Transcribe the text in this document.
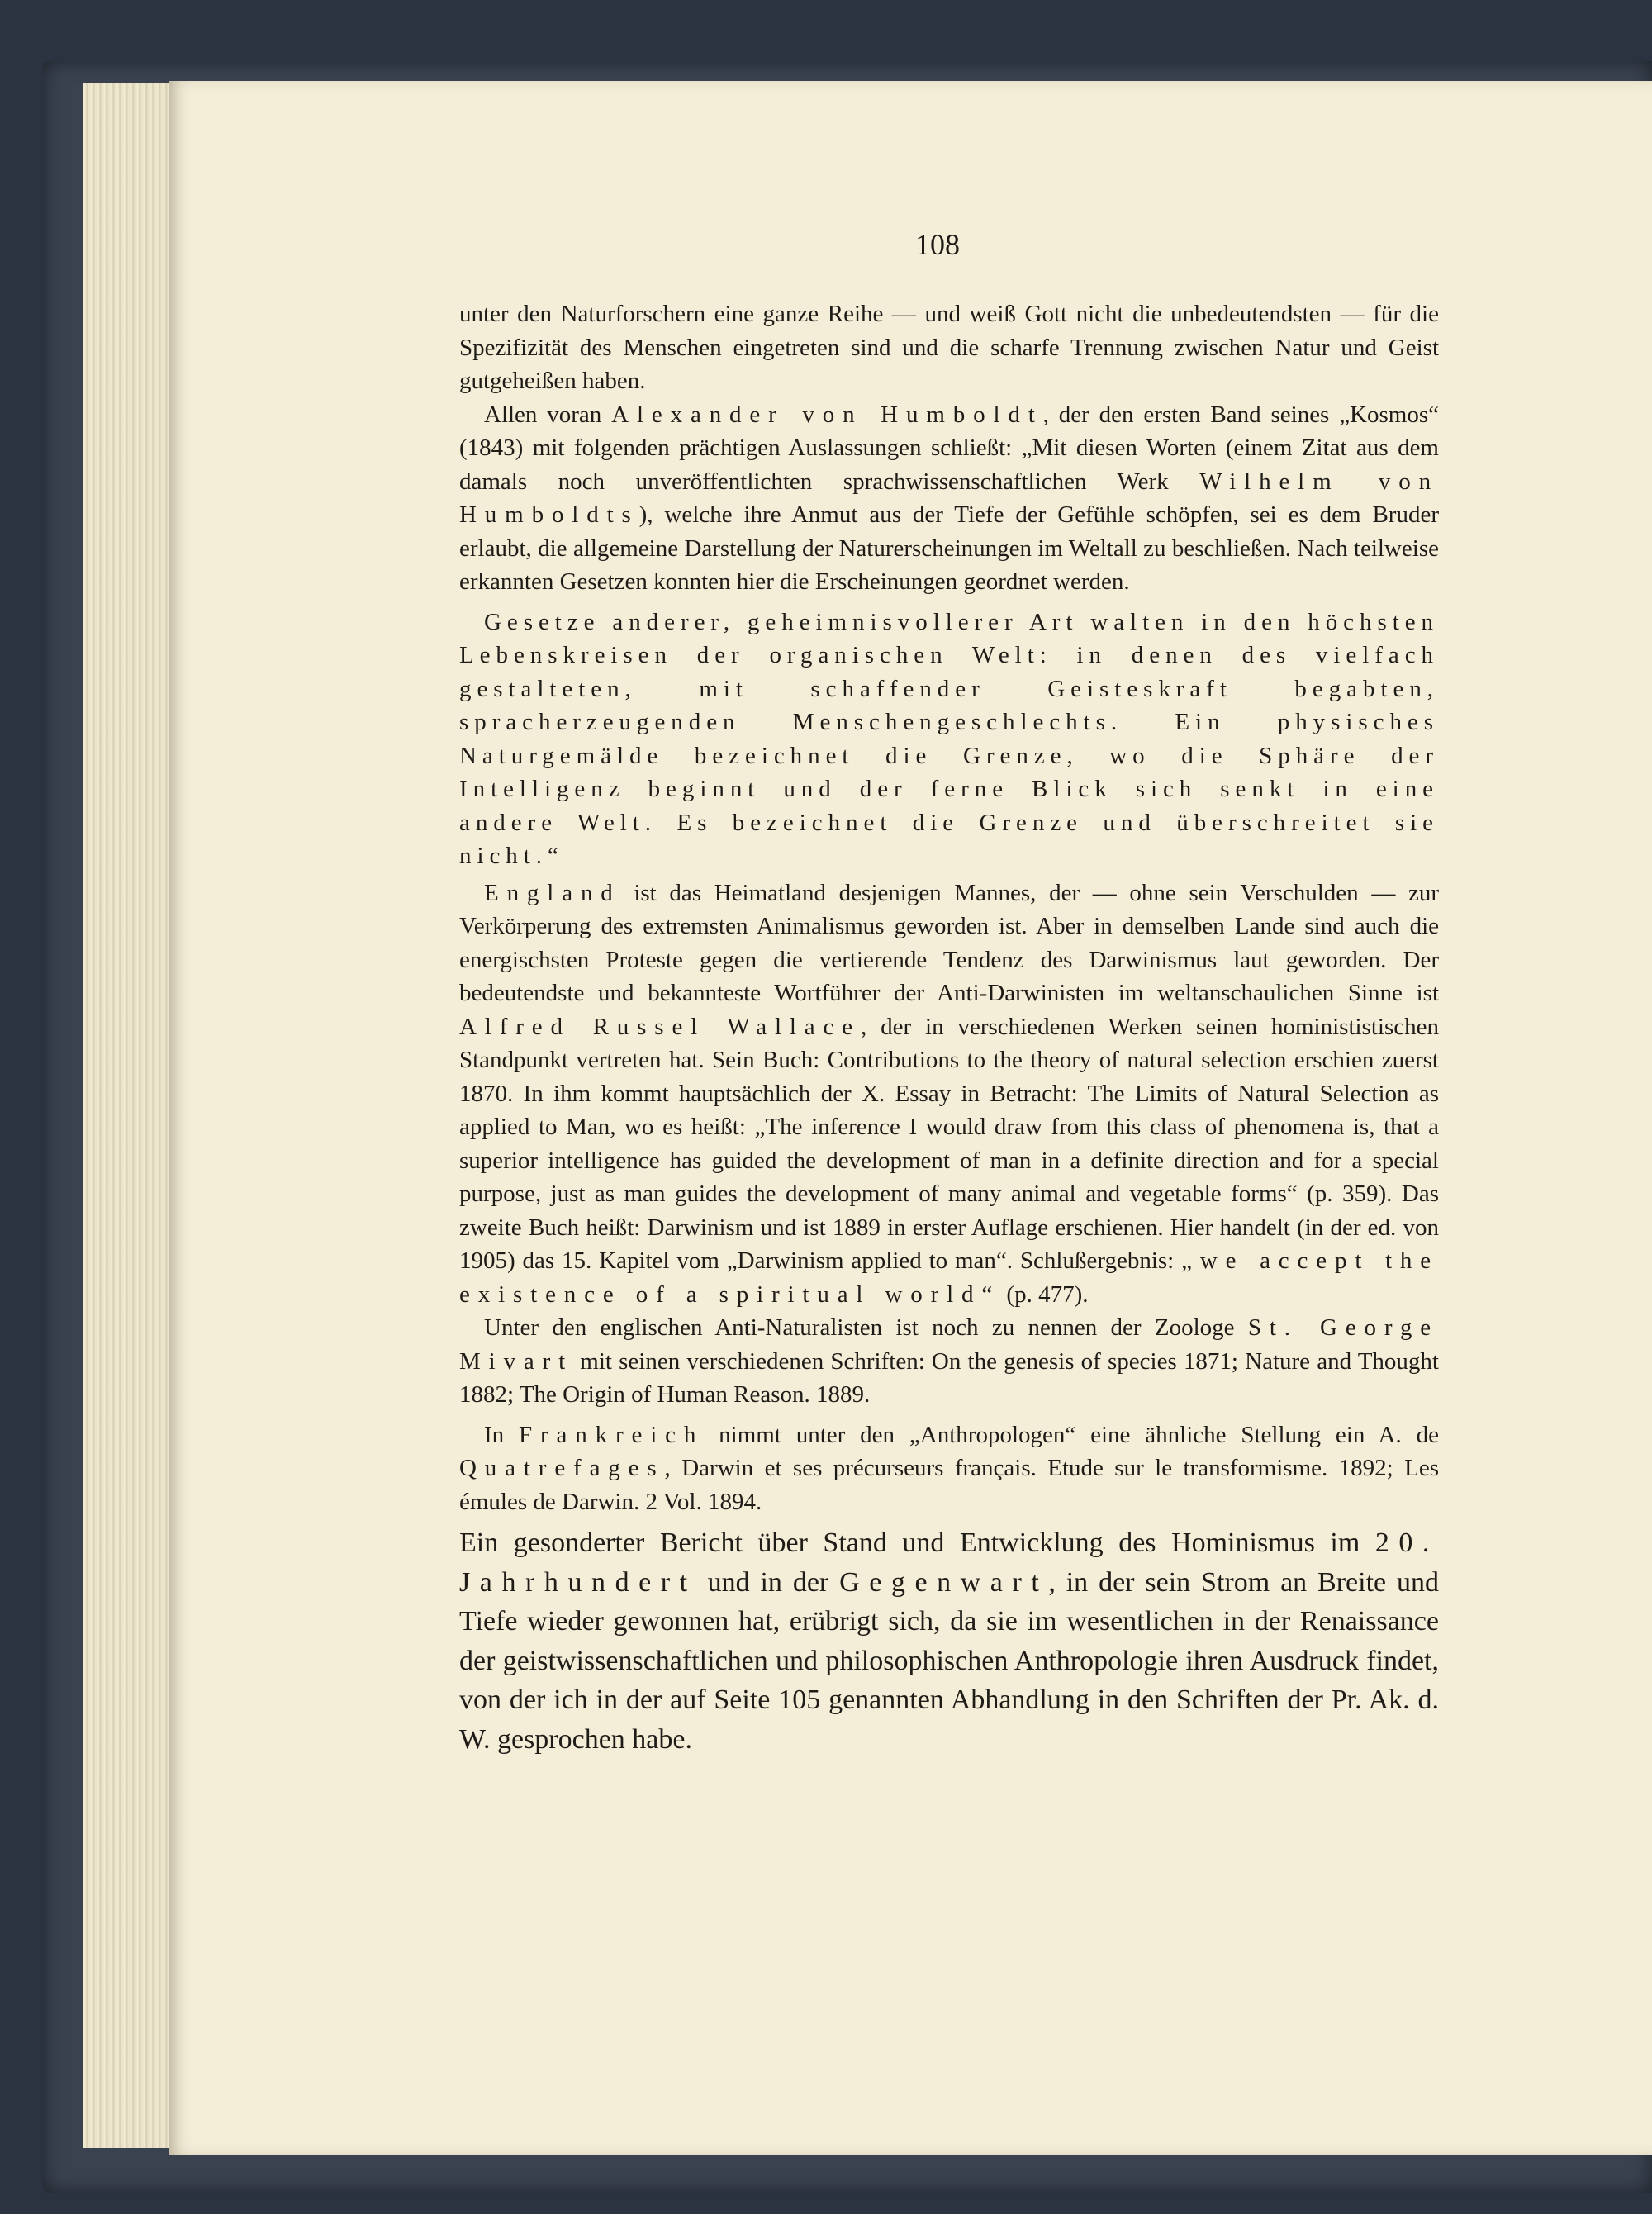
108

unter den Naturforschern eine ganze Reihe — und weiß Gott nicht die unbedeutendsten — für die Spezifizität des Menschen eingetreten sind und die scharfe Trennung zwischen Natur und Geist gutgeheißen haben.

Allen voran Alexander von Humboldt, der den ersten Band seines „Kosmos“ (1843) mit folgenden prächtigen Auslassungen schließt: „Mit diesen Worten (einem Zitat aus dem damals noch unveröffentlichten sprachwissenschaftlichen Werk Wilhelm von Humboldts), welche ihre Anmut aus der Tiefe der Gefühle schöpfen, sei es dem Bruder erlaubt, die allgemeine Darstellung der Naturerscheinungen im Weltall zu beschließen. Nach teilweise erkannten Gesetzen konnten hier die Erscheinungen geordnet werden.

Gesetze anderer, geheimnisvollerer Art walten in den höchsten Lebenskreisen der organischen Welt: in denen des vielfach gestalteten, mit schaffender Geisteskraft begabten, spracherzeugenden Menschengeschlechts. Ein physisches Naturgemälde bezeichnet die Grenze, wo die Sphäre der Intelligenz beginnt und der ferne Blick sich senkt in eine andere Welt. Es bezeichnet die Grenze und überschreitet sie nicht.“

England ist das Heimatland desjenigen Mannes, der — ohne sein Verschulden — zur Verkörperung des extremsten Animalismus geworden ist. Aber in demselben Lande sind auch die energischsten Proteste gegen die vertierende Tendenz des Darwinismus laut geworden. Der bedeutendste und bekannteste Wortführer der Anti-Darwinisten im weltanschaulichen Sinne ist Alfred Russel Wallace, der in verschiedenen Werken seinen hominististischen Standpunkt vertreten hat. Sein Buch: Contributions to the theory of natural selection erschien zuerst 1870. In ihm kommt hauptsächlich der X. Essay in Betracht: The Limits of Natural Selection as applied to Man, wo es heißt: „The inference I would draw from this class of phenomena is, that a superior intelligence has guided the development of man in a definite direction and for a special purpose, just as man guides the development of many animal and vegetable forms“ (p. 359). Das zweite Buch heißt: Darwinism und ist 1889 in erster Auflage erschienen. Hier handelt (in der ed. von 1905) das 15. Kapitel vom „Darwinism applied to man“. Schlußergebnis: „we accept the existence of a spiritual world“ (p. 477).

Unter den englischen Anti-Naturalisten ist noch zu nennen der Zoologe St. George Mivart mit seinen verschiedenen Schriften: On the genesis of species 1871; Nature and Thought 1882; The Origin of Human Reason. 1889.

In Frankreich nimmt unter den „Anthropologen“ eine ähnliche Stellung ein A. de Quatrefages, Darwin et ses précurseurs français. Etude sur le transformisme. 1892; Les émules de Darwin. 2 Vol. 1894.

Ein gesonderter Bericht über Stand und Entwicklung des Hominismus im 20. Jahrhundert und in der Gegenwart, in der sein Strom an Breite und Tiefe wieder gewonnen hat, erübrigt sich, da sie im wesentlichen in der Renaissance der geistwissenschaftlichen und philosophischen Anthropologie ihren Ausdruck findet, von der ich in der auf Seite 105 genannten Abhandlung in den Schriften der Pr. Ak. d. W. gesprochen habe.
